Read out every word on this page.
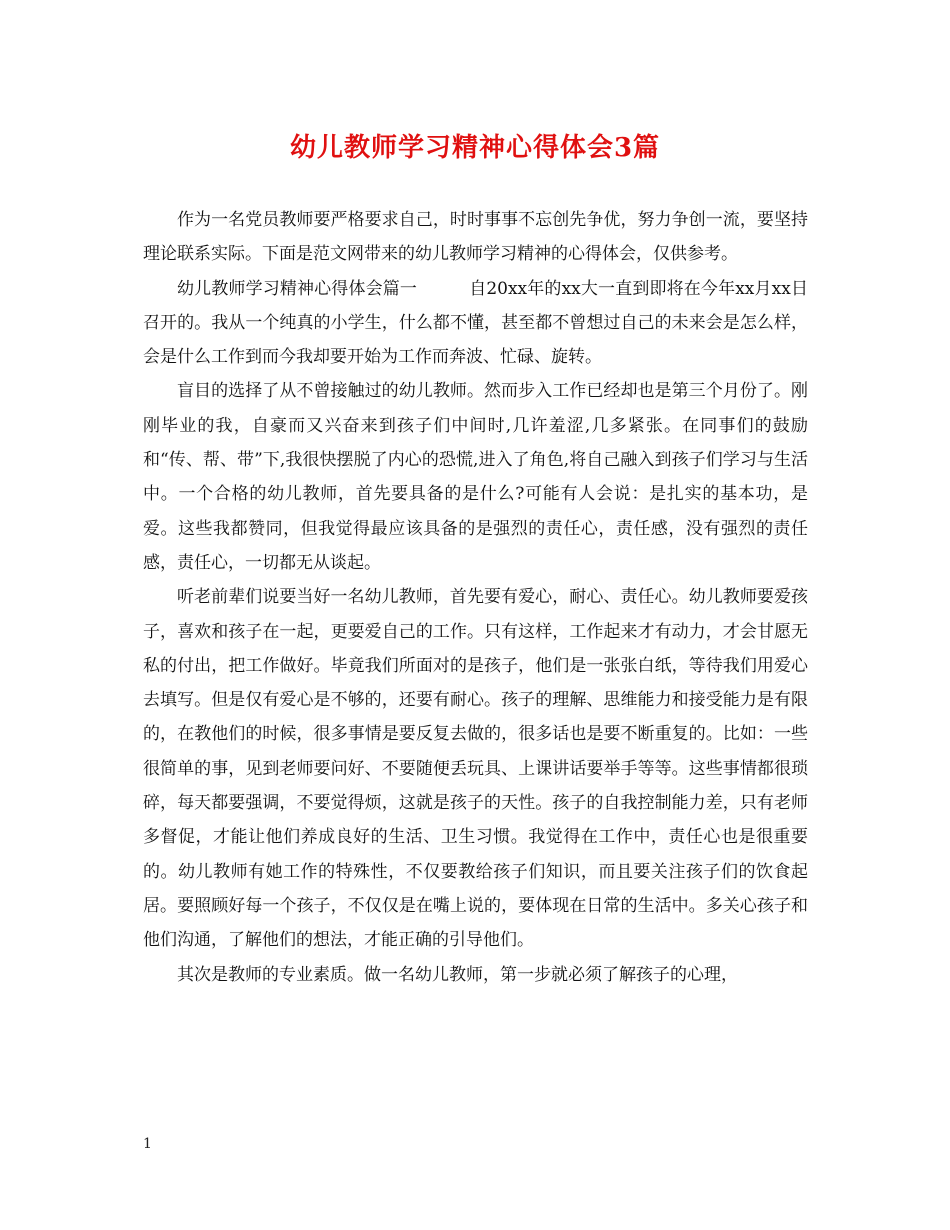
幼儿教师学习精神心得体会3篇

作为一名党员教师要严格要求自己，时时事事不忘创先争优，努力争创一流，要坚持理论联系实际。下面是范文网带来的幼儿教师学习精神的心得体会，仅供参考。

幼儿教师学习精神心得体会篇一	自20xx年的xx大一直到即将在今年xx月xx日召开的。我从一个纯真的小学生，什么都不懂，甚至都不曾想过自己的未来会是怎么样，会是什么工作到而今我却要开始为工作而奔波、忙碌、旋转。

盲目的选择了从不曾接触过的幼儿教师。然而步入工作已经却也是第三个月份了。刚刚毕业的我，自豪而又兴奋来到孩子们中间时,几许羞涩,几多紧张。在同事们的鼓励和“传、帮、带”下,我很快摆脱了内心的恐慌,进入了角色,将自己融入到孩子们学习与生活中。一个合格的幼儿教师，首先要具备的是什么?可能有人会说：是扎实的基本功，是爱。这些我都赞同，但我觉得最应该具备的是强烈的责任心，责任感，没有强烈的责任感，责任心，一切都无从谈起。

听老前辈们说要当好一名幼儿教师，首先要有爱心，耐心、责任心。幼儿教师要爱孩子，喜欢和孩子在一起，更要爱自己的工作。只有这样，工作起来才有动力，才会甘愿无私的付出，把工作做好。毕竟我们所面对的是孩子，他们是一张张白纸，等待我们用爱心去填写。但是仅有爱心是不够的，还要有耐心。孩子的理解、思维能力和接受能力是有限的，在教他们的时候，很多事情是要反复去做的，很多话也是要不断重复的。比如：一些很简单的事，见到老师要问好、不要随便丢玩具、上课讲话要举手等等。这些事情都很琐碎，每天都要强调，不要觉得烦，这就是孩子的天性。孩子的自我控制能力差，只有老师多督促，才能让他们养成良好的生活、卫生习惯。我觉得在工作中，责任心也是很重要的。幼儿教师有她工作的特殊性，不仅要教给孩子们知识，而且要关注孩子们的饮食起居。要照顾好每一个孩子，不仅仅是在嘴上说的，要体现在日常的生活中。多关心孩子和他们沟通，了解他们的想法，才能正确的引导他们。

其次是教师的专业素质。做一名幼儿教师，第一步就必须了解孩子的心理，

1
